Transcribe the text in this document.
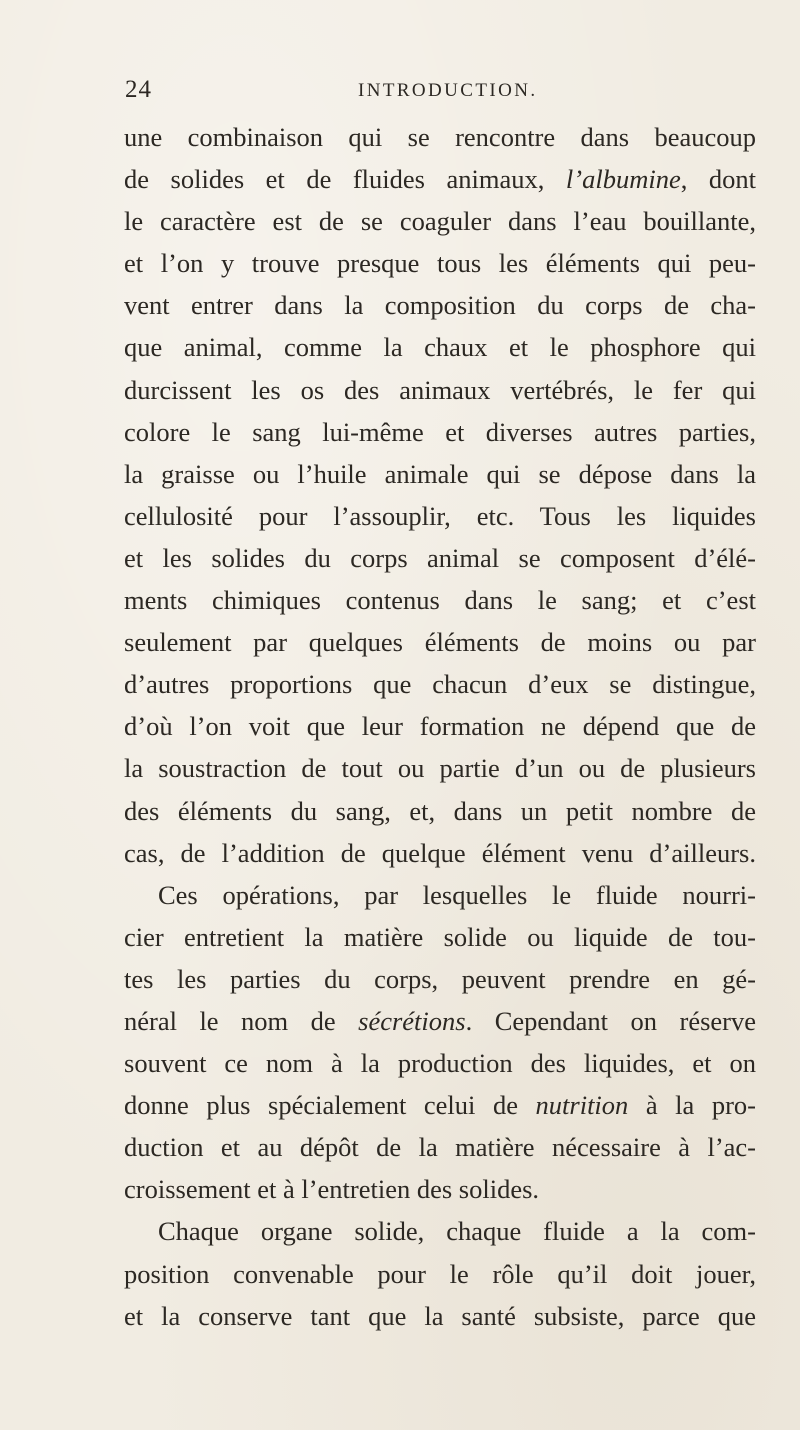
24	INTRODUCTION.
une combinaison qui se rencontre dans beaucoup
de solides et de fluides animaux, l’albumine, dont
le caractère est de se coaguler dans l’eau bouillante,
et l’on y trouve presque tous les éléments qui peu-
vent entrer dans la composition du corps de cha-
que animal, comme la chaux et le phosphore qui
durcissent les os des animaux vertébrés, le fer qui
colore le sang lui-même et diverses autres parties,
la graisse ou l’huile animale qui se dépose dans la
cellulosité pour l’assouplir, etc. Tous les liquides
et les solides du corps animal se composent d’élé-
ments chimiques contenus dans le sang; et c’est
seulement par quelques éléments de moins ou par
d’autres proportions que chacun d’eux se distingue,
d’où l’on voit que leur formation ne dépend que de
la soustraction de tout ou partie d’un ou de plusieurs
des éléments du sang, et, dans un petit nombre de
cas, de l’addition de quelque élément venu d’ailleurs.
Ces opérations, par lesquelles le fluide nourri-
cier entretient la matière solide ou liquide de tou-
tes les parties du corps, peuvent prendre en gé-
néral le nom de sécrétions. Cependant on réserve
souvent ce nom à la production des liquides, et on
donne plus spécialement celui de nutrition à la pro-
duction et au dépôt de la matière nécessaire à l’ac-
croissement et à l’entretien des solides.
Chaque organe solide, chaque fluide a la com-
position convenable pour le rôle qu’il doit jouer,
et la conserve tant que la santé subsiste, parce que
